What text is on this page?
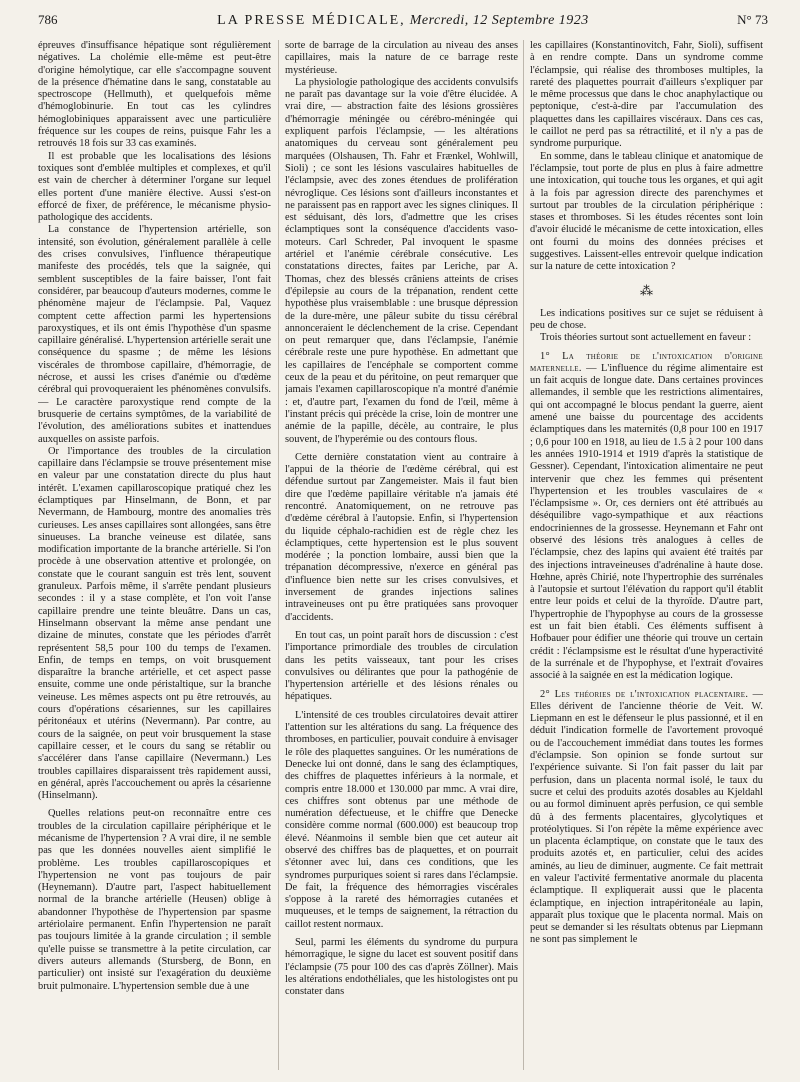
786	LA PRESSE MÉDICALE, Mercredi, 12 Septembre 1923	N° 73

épreuves d'insuffisance hépatique sont régulièrement négatives. La cholémie elle-même est peut-être d'origine hémolytique, car elle s'accompagne souvent de la présence d'hématine dans le sang, constatable au spectroscope (Hellmuth), et quelquefois même d'hémoglobinurie. En tout cas les cylindres hémoglobiniques apparaissent avec une particulière fréquence sur les coupes de reins, puisque Fahr les a retrouvés 18 fois sur 33 cas examinés.

Il est probable que les localisations des lésions toxiques sont d'emblée multiples et complexes, et qu'il est vain de chercher à déterminer l'organe sur lequel elles portent d'une manière élective. Aussi s'est-on efforcé de fixer, de préférence, le mécanisme physio-pathologique des accidents.

La constance de l'hypertension artérielle, son intensité, son évolution, généralement parallèle à celle des crises convulsives, l'influence thérapeutique manifeste des procédés, tels que la saignée, qui semblent susceptibles de la faire baisser, l'ont fait considérer, par beaucoup d'auteurs modernes, comme le phénomène majeur de l'éclampsie. Pal, Vaquez comptent cette affection parmi les hypertensions paroxystiques, et ils ont émis l'hypothèse d'un spasme capillaire généralisé. L'hypertension artérielle serait une conséquence du spasme ; de même les lésions viscérales de thrombose capillaire, d'hémorragie, de nécrose, et aussi les crises d'anémie ou d'œdème cérébral qui provoqueraient les phénomènes convulsifs. — Le caractère paroxystique rend compte de la brusquerie de certains symptômes, de la variabilité de l'évolution, des améliorations subites et inattendues auxquelles on assiste parfois.

Or l'importance des troubles de la circulation capillaire dans l'éclampsie se trouve présentement mise en valeur par une constatation directe du plus haut intérêt. L'examen capillaroscopique pratiqué chez les éclamptiques par Hinselmann, de Bonn, et par Nevermann, de Hambourg, montre des anomalies très curieuses. Les anses capillaires sont allongées, sans être sinueuses. La branche veineuse est dilatée, sans modification importante de la branche artérielle. Si l'on procède à une observation attentive et prolongée, on constate que le courant sanguin est très lent, souvent granuleux. Parfois même, il s'arrête pendant plusieurs secondes : il y a stase complète, et l'on voit l'anse capillaire prendre une teinte bleuâtre. Dans un cas, Hinselmann observant la même anse pendant une dizaine de minutes, constate que les périodes d'arrêt représentent 58,5 pour 100 du temps de l'examen. Enfin, de temps en temps, on voit brusquement disparaître la branche artérielle, et cet aspect passe ensuite, comme une onde péristaltique, sur la branche veineuse. Les mêmes aspects ont pu être retrouvés, au cours d'opérations césariennes, sur les capillaires péritonéaux et utérins (Nevermann). Par contre, au cours de la saignée, on peut voir brusquement la stase capillaire cesser, et le cours du sang se rétablir ou s'accélérer dans l'anse capillaire (Nevermann.) Les troubles capillaires disparaissent très rapidement aussi, en général, après l'accouchement ou après la césarienne (Hinselmann).

Quelles relations peut-on reconnaître entre ces troubles de la circulation capillaire périphérique et le mécanisme de l'hypertension ? A vrai dire, il ne semble pas que les données nouvelles aient simplifié le problème. Les troubles capillaroscopiques et l'hypertension ne vont pas toujours de pair (Heynemann). D'autre part, l'aspect habituellement normal de la branche artérielle (Heusen) oblige à abandonner l'hypothèse de l'hypertension par spasme artériolaire permanent. Enfin l'hypertension ne paraît pas toujours limitée à la grande circulation ; il semble qu'elle puisse se transmettre à la petite circulation, car divers auteurs allemands (Stursberg, de Bonn, en particulier) ont insisté sur l'exagération du deuxième bruit pulmonaire. L'hypertension semble due à une

sorte de barrage de la circulation au niveau des anses capillaires, mais la nature de ce barrage reste mystérieuse.

La physiologie pathologique des accidents convulsifs ne paraît pas davantage sur la voie d'être élucidée. A vrai dire, — abstraction faite des lésions grossières d'hémorragie méningée ou cérébro-méningée qui expliquent parfois l'éclampsie, — les altérations anatomiques du cerveau sont généralement peu marquées (Olshausen, Th. Fahr et Frænkel, Wohlwill, Sioli) ; ce sont les lésions vasculaires habituelles de l'éclampsie, avec des zones étendues de prolifération névroglique. Ces lésions sont d'ailleurs inconstantes et ne paraissent pas en rapport avec les signes cliniques. Il est séduisant, dès lors, d'admettre que les crises éclamptiques sont la conséquence d'accidents vaso-moteurs. Carl Schreder, Pal invoquent le spasme artériel et l'anémie cérébrale consécutive. Les constatations directes, faites par Leriche, par A. Thomas, chez des blessés crâniens atteints de crises d'épilepsie au cours de la trépanation, rendent cette hypothèse plus vraisemblable : une brusque dépression de la dure-mère, une pâleur subite du tissu cérébral annonceraient le déclenchement de la crise. Cependant on peut remarquer que, dans l'éclampsie, l'anémie cérébrale reste une pure hypothèse. En admettant que les capillaires de l'encéphale se comportent comme ceux de la peau et du péritoine, on peut remarquer que jamais l'examen capillaroscopique n'a montré d'anémie : et, d'autre part, l'examen du fond de l'œil, même à l'instant précis qui précède la crise, loin de montrer une anémie de la papille, décèle, au contraire, le plus souvent, de l'hyperémie ou des contours flous.

Cette dernière constatation vient au contraire à l'appui de la théorie de l'œdème cérébral, qui est défendue surtout par Zangemeister. Mais il faut bien dire que l'œdème papillaire véritable n'a jamais été rencontré. Anatomiquement, on ne retrouve pas d'œdème cérébral à l'autopsie. Enfin, si l'hypertension du liquide céphalo-rachidien est de règle chez les éclamptiques, cette hypertension est le plus souvent modérée ; la ponction lombaire, aussi bien que la trépanation décompressive, n'exerce en général pas d'influence bien nette sur les crises convulsives, et inversement de grandes injections salines intraveineuses ont pu être pratiquées sans provoquer d'accidents.

En tout cas, un point paraît hors de discussion : c'est l'importance primordiale des troubles de circulation dans les petits vaisseaux, tant pour les crises convulsives ou délirantes que pour la pathogénie de l'hypertension artérielle et des lésions rénales ou hépatiques.

L'intensité de ces troubles circulatoires devait attirer l'attention sur les altérations du sang. La fréquence des thromboses, en particulier, pouvait conduire à envisager le rôle des plaquettes sanguines. Or les numérations de Denecke lui ont donné, dans le sang des éclamptiques, des chiffres de plaquettes inférieurs à la normale, et compris entre 18.000 et 130.000 par mmc. A vrai dire, ces chiffres sont obtenus par une méthode de numération défectueuse, et le chiffre que Denecke considère comme normal (600.000) est beaucoup trop élevé. Néanmoins il semble bien que cet auteur ait observé des chiffres bas de plaquettes, et on pourrait s'étonner avec lui, dans ces conditions, que les syndromes purpuriques soient si rares dans l'éclampsie. De fait, la fréquence des hémorragies viscérales s'oppose à la rareté des hémorragies cutanées et muqueuses, et le temps de saignement, la rétraction du caillot restent normaux.

Seul, parmi les éléments du syndrome du purpura hémorragique, le signe du lacet est souvent positif dans l'éclampsie (75 pour 100 des cas d'après Zöllner). Mais les altérations endothéliales, que les histologistes ont pu constater dans

les capillaires (Konstantinovitch, Fahr, Sioli), suffisent à en rendre compte. Dans un syndrome comme l'éclampsie, qui réalise des thromboses multiples, la rareté des plaquettes pourrait d'ailleurs s'expliquer par le même processus que dans le choc anaphylactique ou peptonique, c'est-à-dire par l'accumulation des plaquettes dans les capillaires viscéraux. Dans ces cas, le caillot ne perd pas sa rétractilité, et il n'y a pas de syndrome purpurique.

En somme, dans le tableau clinique et anatomique de l'éclampsie, tout porte de plus en plus à faire admettre une intoxication, qui touche tous les organes, et qui agit à la fois par agression directe des parenchymes et surtout par troubles de la circulation périphérique : stases et thromboses. Si les études récentes sont loin d'avoir élucidé le mécanisme de cette intoxication, elles ont fourni du moins des données précises et suggestives. Laissent-elles entrevoir quelque indication sur la nature de cette intoxication ?

⁂

Les indications positives sur ce sujet se réduisent à peu de chose.

Trois théories surtout sont actuellement en faveur :

1° La théorie de l'intoxication d'origine maternelle. — L'influence du régime alimentaire est un fait acquis de longue date. Dans certaines provinces allemandes, il semble que les restrictions alimentaires, qui ont accompagné le blocus pendant la guerre, aient amené une baisse du pourcentage des accidents éclamptiques dans les maternités (0,8 pour 100 en 1917 ; 0,6 pour 100 en 1918, au lieu de 1.5 à 2 pour 100 dans les années 1910-1914 et 1919 d'après la statistique de Gessner). Cependant, l'intoxication alimentaire ne peut intervenir que chez les femmes qui présentent l'hypertension et les troubles vasculaires de « l'éclampsisme ». Or, ces derniers ont été attribués au déséquilibre vago-sympathique et aux réactions endocriniennes de la grossesse. Heynemann et Fahr ont observé des lésions très analogues à celles de l'éclampsie, chez des lapins qui avaient été traités par des injections intraveineuses d'adrénaline à haute dose. Hœhne, après Chirié, note l'hypertrophie des surrénales à l'autopsie et surtout l'élévation du rapport qu'il établit entre leur poids et celui de la thyroïde. D'autre part, l'hypertrophie de l'hypophyse au cours de la grossesse est un fait bien établi. Ces éléments suffisent à Hofbauer pour édifier une théorie qui trouve un certain crédit : l'éclampsisme est le résultat d'une hyperactivité de la surrénale et de l'hypophyse, et l'extrait d'ovaires associé à la saignée en est la médication logique.

2° Les théories de l'intoxication placentaire. — Elles dérivent de l'ancienne théorie de Veit. W. Liepmann en est le défenseur le plus passionné, et il en déduit l'indication formelle de l'avortement provoqué ou de l'accouchement immédiat dans toutes les formes d'éclampsie. Son opinion se fonde surtout sur l'expérience suivante. Si l'on fait passer du lait par perfusion, dans un placenta normal isolé, le taux du sucre et celui des produits azotés dosables au Kjeldahl ou au formol diminuent après perfusion, ce qui semble dû à des ferments placentaires, glycolytiques et protéolytiques. Si l'on répète la même expérience avec un placenta éclamptique, on constate que le taux des produits azotés et, en particulier, celui des acides aminés, au lieu de diminuer, augmente. Ce fait mettrait en valeur l'activité fermentative anormale du placenta éclamptique. Il expliquerait aussi que le placenta éclamptique, en injection intrapéritonéale au lapin, apparaît plus toxique que le placenta normal. Mais on peut se demander si les résultats obtenus par Liepmann ne sont pas simplement le
